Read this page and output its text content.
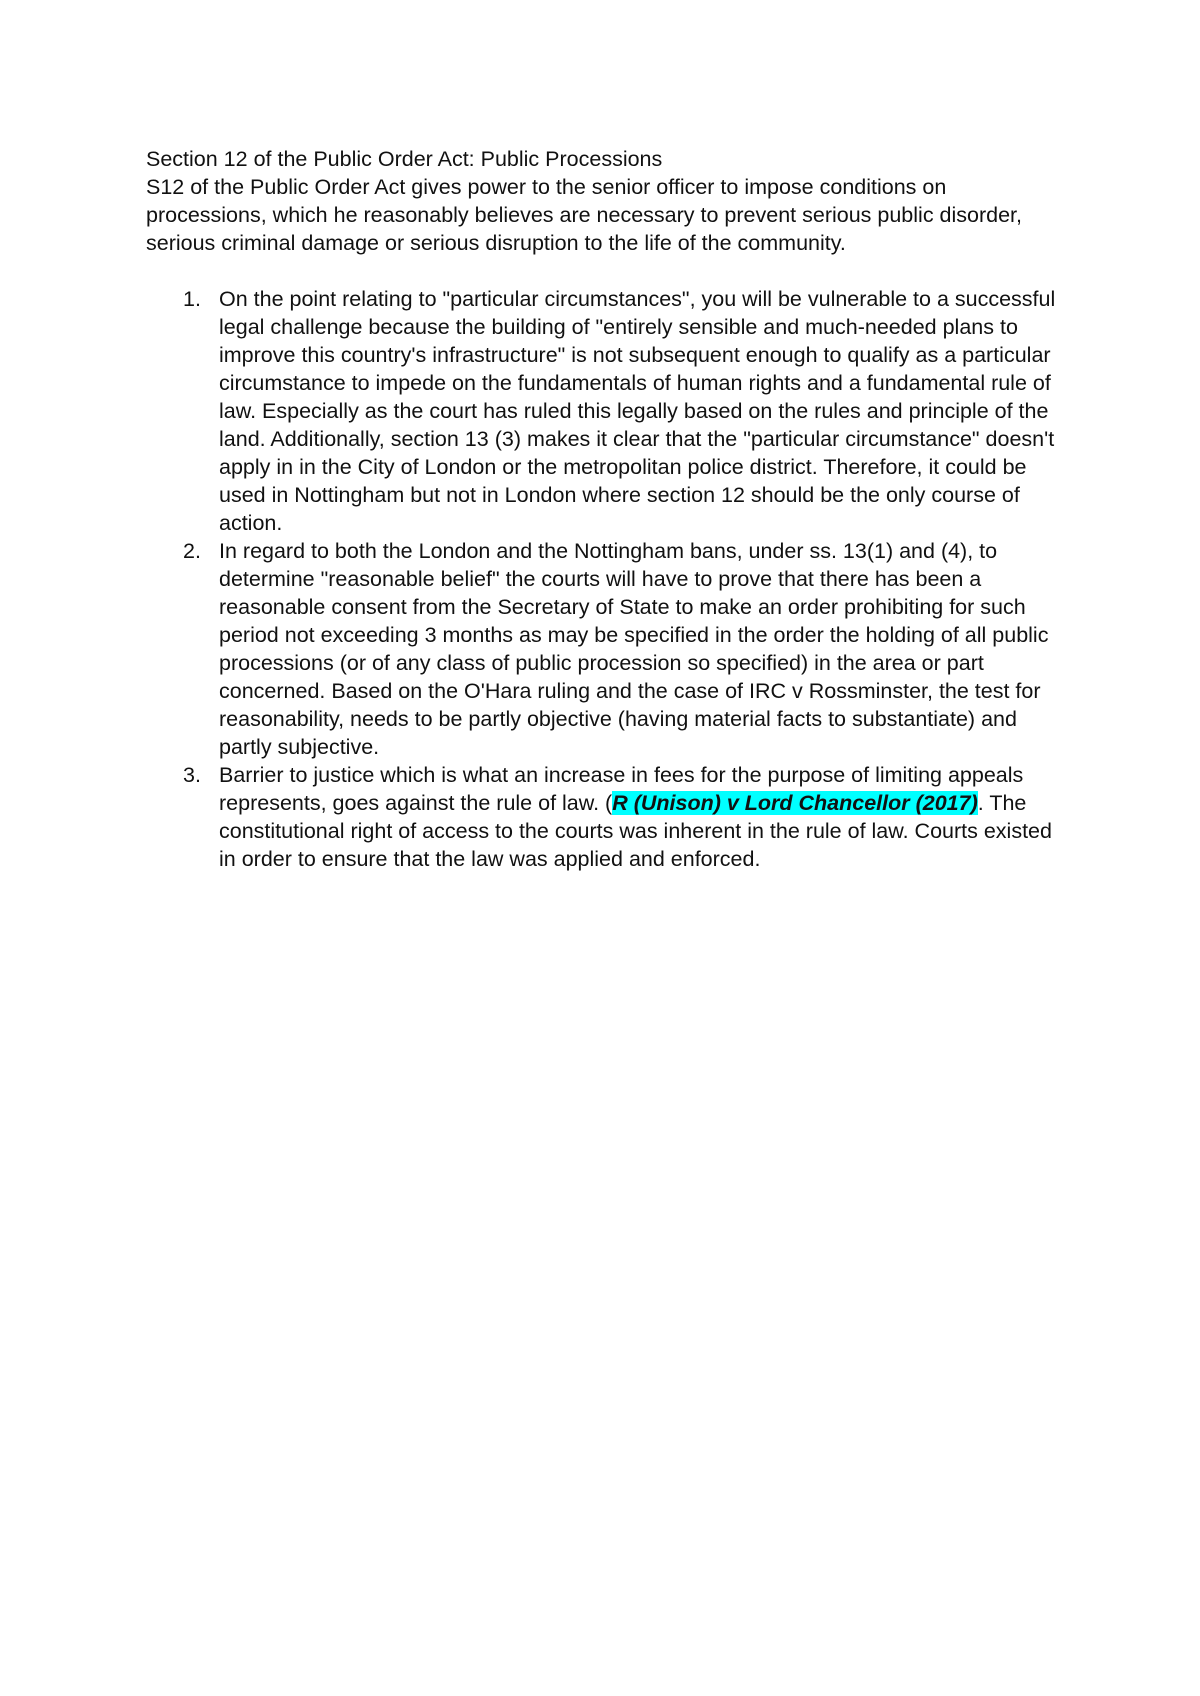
Section 12 of the Public Order Act: Public Processions

S12 of the Public Order Act gives power to the senior officer to impose conditions on processions, which he reasonably believes are necessary to prevent serious public disorder, serious criminal damage or serious disruption to the life of the community.

1. On the point relating to "particular circumstances", you will be vulnerable to a successful legal challenge because the building of "entirely sensible and much-needed plans to improve this country's infrastructure" is not subsequent enough to qualify as a particular circumstance to impede on the fundamentals of human rights and a fundamental rule of law. Especially as the court has ruled this legally based on the rules and principle of the land. Additionally, section 13 (3) makes it clear that the "particular circumstance" doesn't apply in in the City of London or the metropolitan police district. Therefore, it could be used in Nottingham but not in London where section 12 should be the only course of action.
2. In regard to both the London and the Nottingham bans, under ss. 13(1) and (4), to determine "reasonable belief" the courts will have to prove that there has been a reasonable consent from the Secretary of State to make an order prohibiting for such period not exceeding 3 months as may be specified in the order the holding of all public processions (or of any class of public procession so specified) in the area or part concerned. Based on the O'Hara ruling and the case of IRC v Rossminster, the test for reasonability, needs to be partly objective (having material facts to substantiate) and partly subjective.
3. Barrier to justice which is what an increase in fees for the purpose of limiting appeals represents, goes against the rule of law. (R (Unison) v Lord Chancellor (2017). The constitutional right of access to the courts was inherent in the rule of law. Courts existed in order to ensure that the law was applied and enforced.
